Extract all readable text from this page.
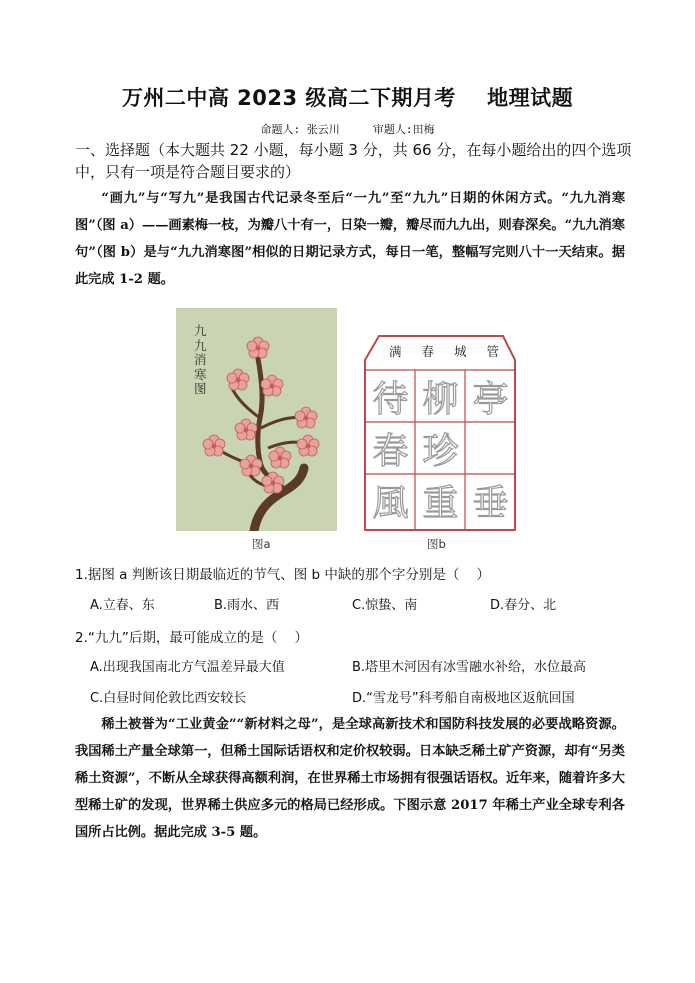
万州二中高 2023 级高二下期月考    地理试题
命题人: 张云川     审题人:田梅
一、选择题（本大题共 22 小题，每小题 3 分，共 66 分，在每小题给出的四个选项中，只有一项是符合题目要求的）
“画九”与“写九”是我国古代记录冬至后“一九”至“九九”日期的休闲方式。“九九消寒图”（图 a）——画素梅一枝，为瓣八十有一，日染一瓣，瓣尽而九九出，则春深矣。“九九消寒句”（图 b）是与“九九消寒图”相似的日期记录方式，每日一笔，整幅写完则八十一天结束。据此完成 1-2 题。
九九消寒图
图a
满 春 城 管
待 柳 亭
春 珍
風 重 垂
图b
1.据图 a 判断该日期最临近的节气、图 b 中缺的那个字分别是（    ）
A.立春、东	B.雨水、西	C.惊蛰、南	D.春分、北
2.“九九”后期，最可能成立的是（    ）
A.出现我国南北方气温差异最大值	B.塔里木河因有冰雪融水补给，水位最高
C.白昼时间伦敦比西安较长	D.“雪龙号”科考船自南极地区返航回国
稀土被誉为“工业黄金”“新材料之母”，是全球高新技术和国防科技发展的必要战略资源。我国稀土产量全球第一，但稀土国际话语权和定价权较弱。日本缺乏稀土矿产资源，却有“另类稀土资源”，不断从全球获得高额利润，在世界稀土市场拥有很强话语权。近年来，随着许多大型稀土矿的发现，世界稀土供应多元的格局已经形成。下图示意 2017 年稀土产业全球专利各国所占比例。据此完成 3-5 题。
